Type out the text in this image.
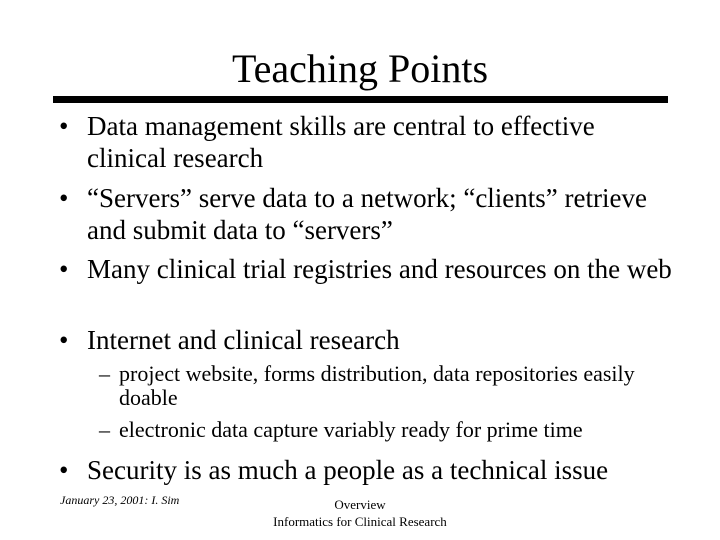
Teaching Points
• Data management skills are central to effective clinical research
• “Servers” serve data to a network; “clients” retrieve and submit data to “servers”
• Many clinical trial registries and resources on the web
• Internet and clinical research
– project website, forms distribution, data repositories easily doable
– electronic data capture variably ready for prime time
• Security is as much a people as a technical issue
January 23, 2001: I. Sim	Overview
Informatics for Clinical Research
